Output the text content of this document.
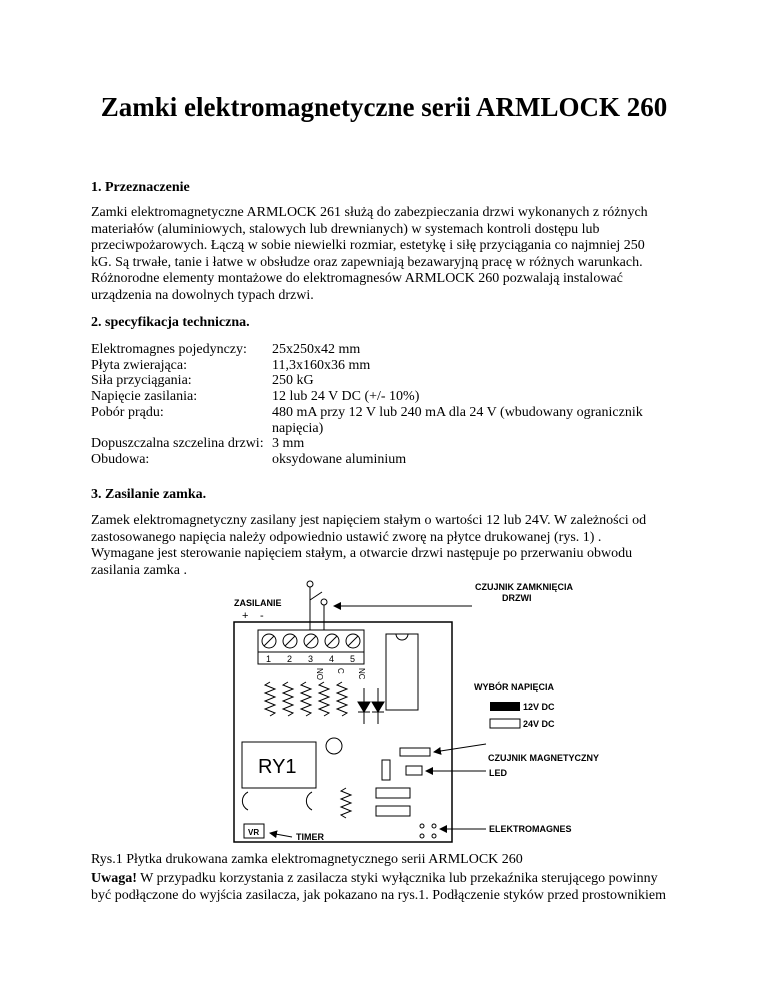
Zamki elektromagnetyczne serii ARMLOCK 260

1. Przeznaczenie

Zamki elektromagnetyczne ARMLOCK 261 służą do zabezpieczania drzwi wykonanych z różnych
materiałów (aluminiowych, stalowych lub drewnianych) w systemach kontroli dostępu lub
przeciwpożarowych. Łączą w sobie niewielki rozmiar, estetykę i siłę przyciągania co najmniej 250
kG. Są trwałe, tanie i łatwe w obsłudze oraz zapewniają bezawaryjną pracę w różnych warunkach.
Różnorodne elementy montażowe do elektromagnesów ARMLOCK 260 pozwalają instalować
urządzenia na dowolnych typach drzwi.

2. specyfikacja techniczna.

Elektromagnes pojedynczy:	25x250x42 mm
Płyta zwierająca:	11,3x160x36 mm
Siła przyciągania:	250 kG
Napięcie zasilania:	12 lub 24 V DC (+/- 10%)
Pobór prądu:	480 mA przy 12 V lub 240 mA dla 24 V (wbudowany ogranicznik
napięcia)
Dopuszczalna szczelina drzwi: 3 mm
Obudowa:	oksydowane aluminium

3. Zasilanie zamka.

Zamek elektromagnetyczny zasilany jest napięciem stałym o wartości 12 lub 24V. W zależności od
zastosowanego napięcia należy odpowiednio ustawić zworę na płytce drukowanej (rys. 1) .
Wymagane jest sterowanie napięciem stałym, a otwarcie drzwi następuje po przerwaniu obwodu
zasilania zamka .
ZASILANIE
+ -
CZUJNIK ZAMKNIĘCIA
DRZWI
1 2 3 4 5
NO C NC
WYBÓR NAPIĘCIA
12V DC
24V DC
RY1	CZUJNIK MAGNETYCZNY
LED
ELEKTROMAGNES
VR	TIMER

Rys.1 Płytka drukowana zamka elektromagnetycznego serii ARMLOCK 260

Uwaga! W przypadku korzystania z zasilacza styki wyłącznika lub przekaźnika sterującego powinny
być podłączone do wyjścia zasilacza, jak pokazano na rys.1. Podłączenie styków przed prostownikiem
